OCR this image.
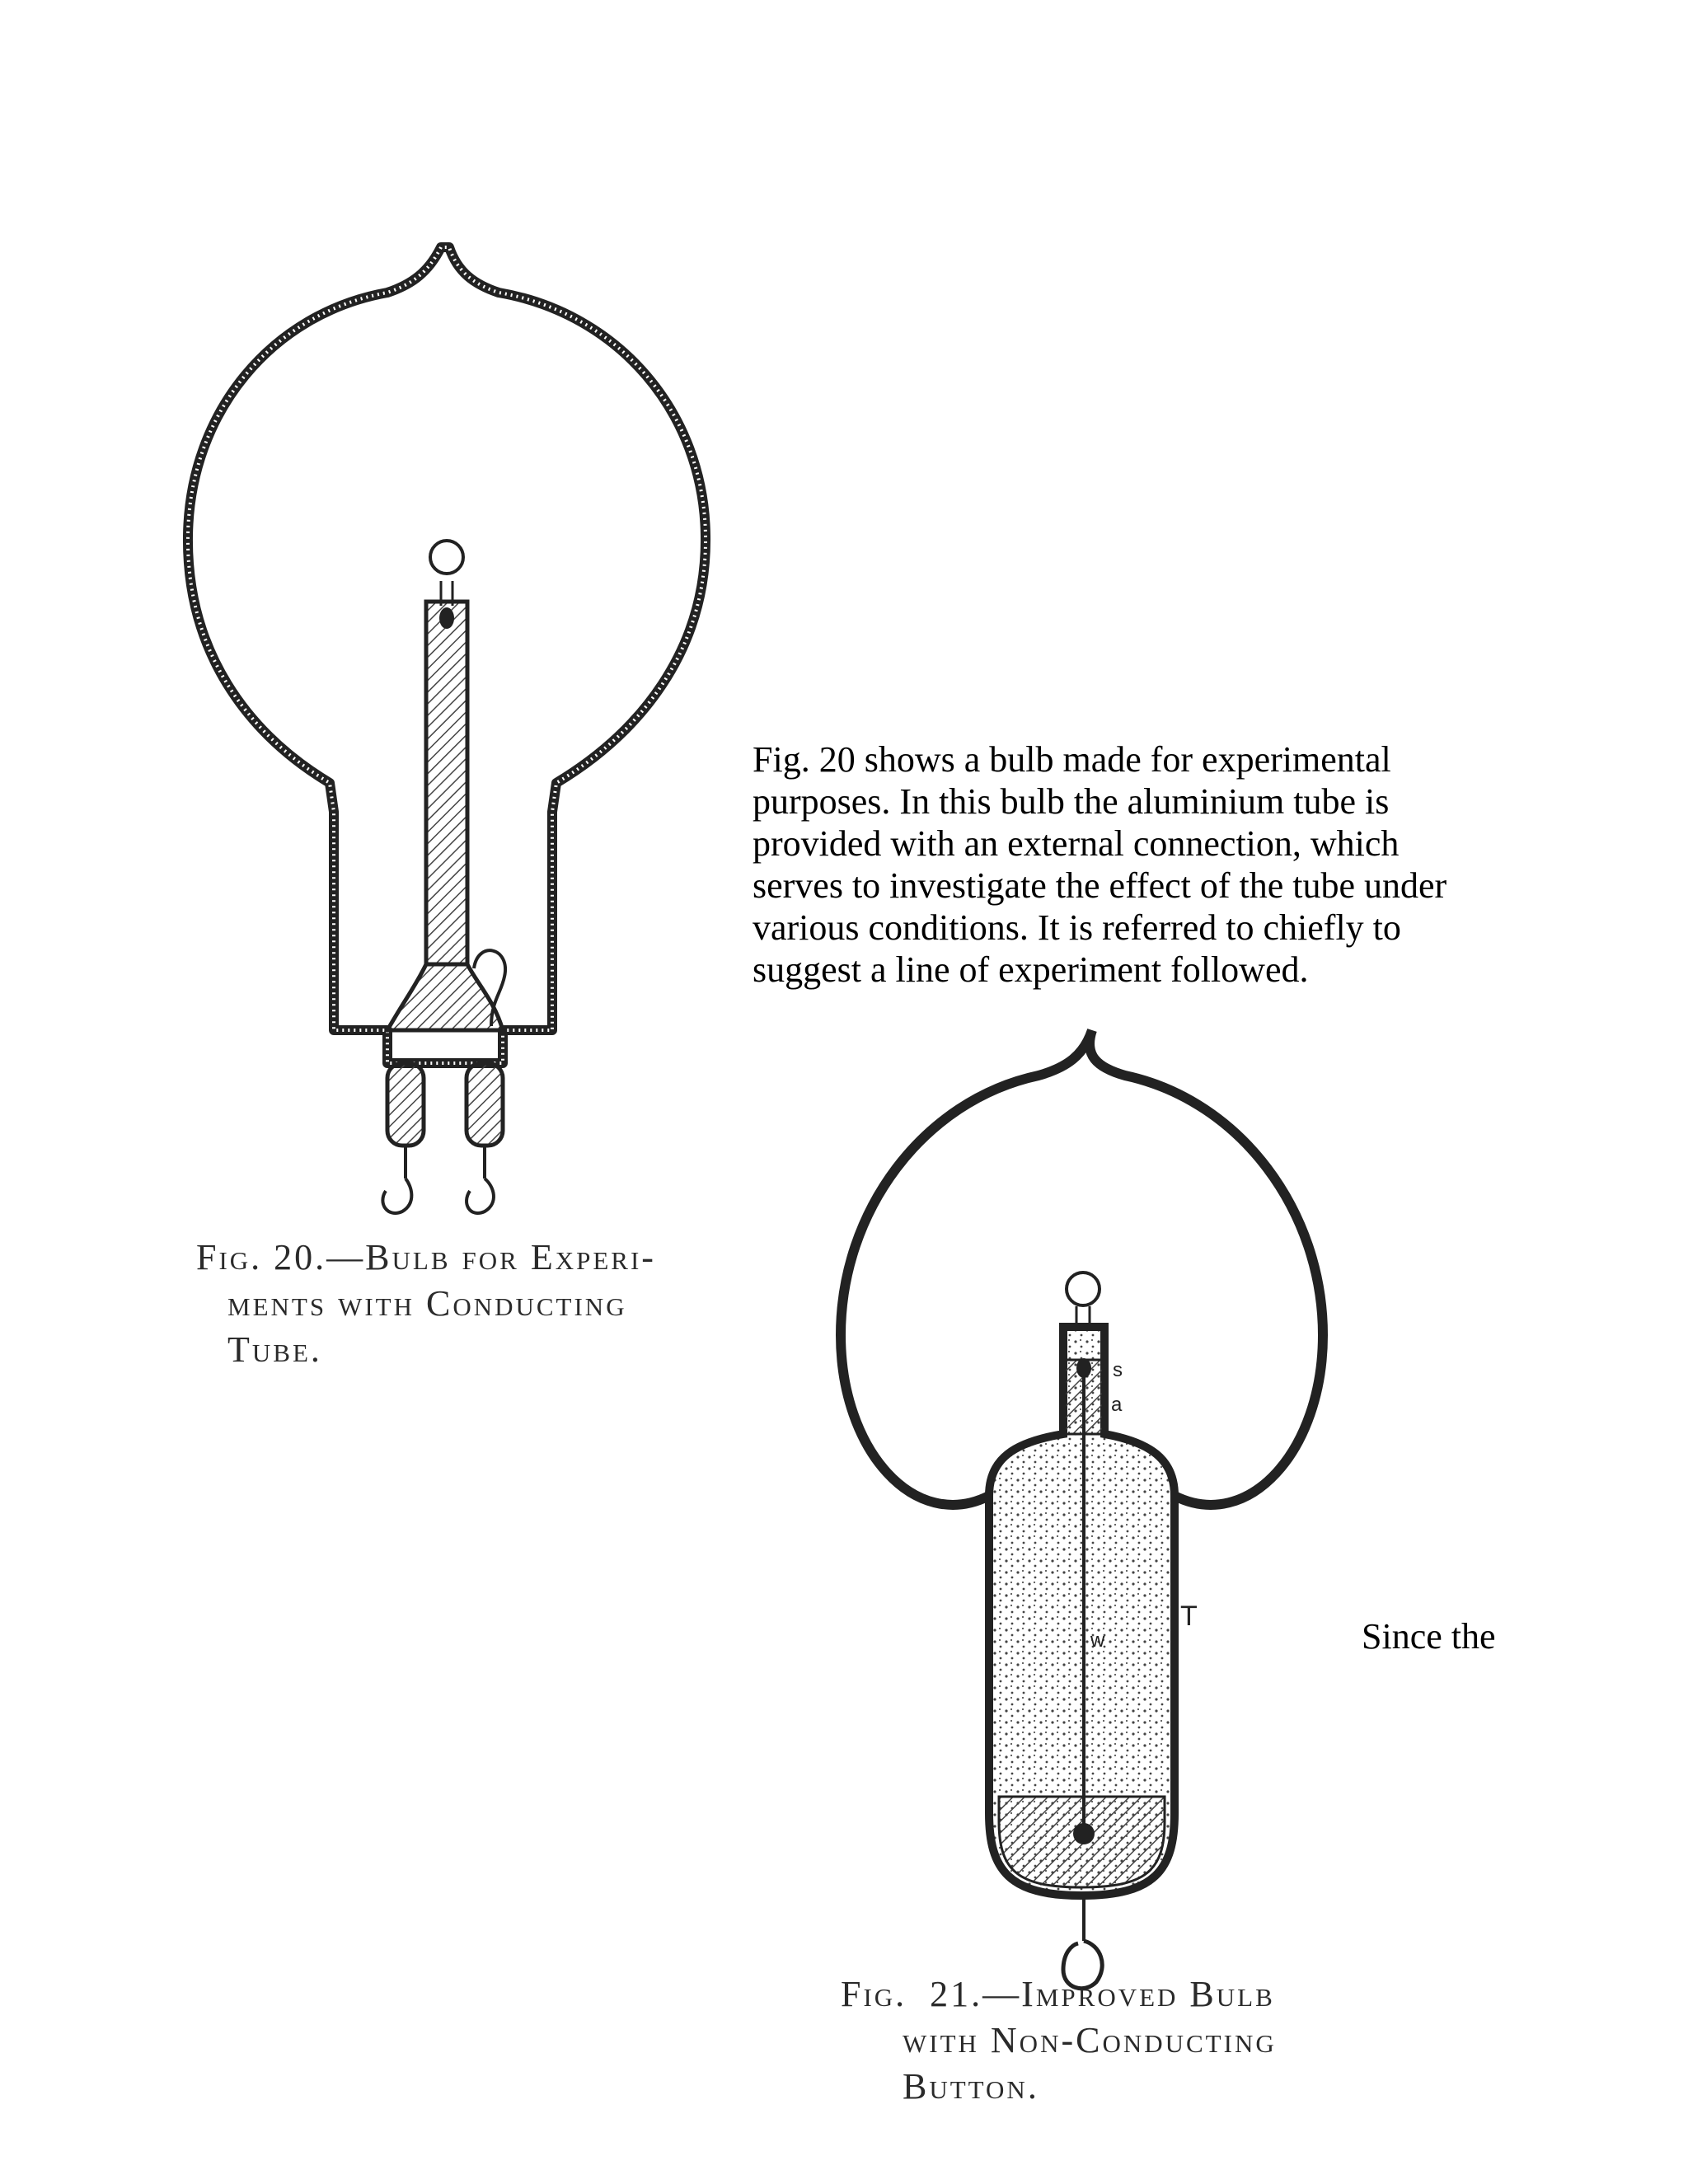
Fig. 20.—Bulb for Experi-
ments with Conducting
Tube.

Fig. 20 shows a bulb made for experimental purposes. In this bulb the aluminium tube is provided with an external connection, which serves to investigate the effect of the tube under various conditions. It is referred to chiefly to suggest a line of experiment followed.

s
a
w
T	Since the

Fig.  21.—Improved Bulb
with Non-Conducting
Button.
